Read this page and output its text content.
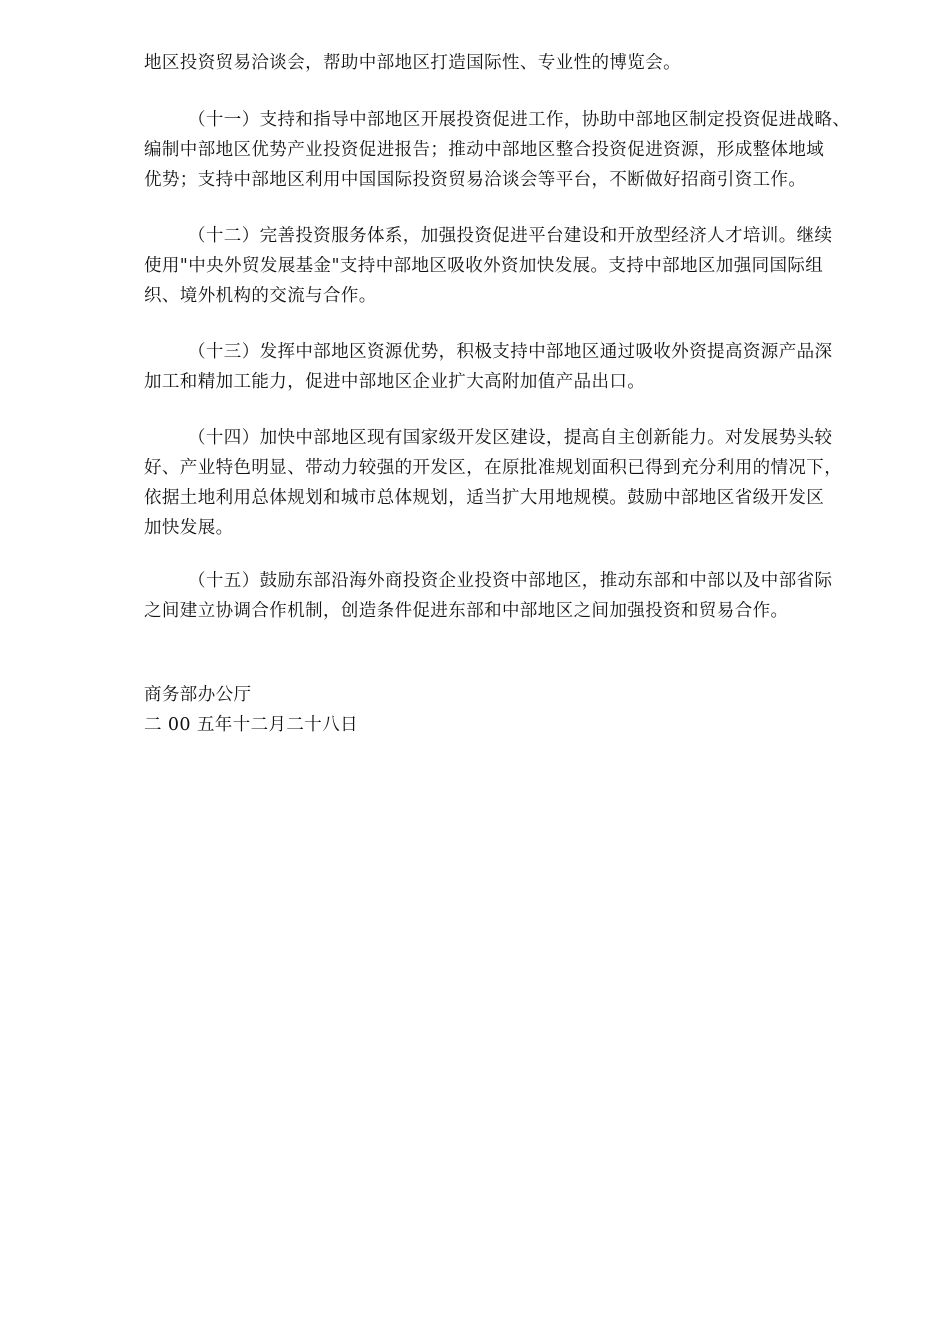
地区投资贸易洽谈会，帮助中部地区打造国际性、专业性的博览会。
（十一）支持和指导中部地区开展投资促进工作，协助中部地区制定投资促进战略、
编制中部地区优势产业投资促进报告；推动中部地区整合投资促进资源，形成整体地域
优势；支持中部地区利用中国国际投资贸易洽谈会等平台，不断做好招商引资工作。
（十二）完善投资服务体系，加强投资促进平台建设和开放型经济人才培训。继续
使用"中央外贸发展基金"支持中部地区吸收外资加快发展。支持中部地区加强同国际组
织、境外机构的交流与合作。
（十三）发挥中部地区资源优势，积极支持中部地区通过吸收外资提高资源产品深
加工和精加工能力，促进中部地区企业扩大高附加值产品出口。
（十四）加快中部地区现有国家级开发区建设，提高自主创新能力。对发展势头较
好、产业特色明显、带动力较强的开发区，在原批准规划面积已得到充分利用的情况下，
依据土地利用总体规划和城市总体规划，适当扩大用地规模。鼓励中部地区省级开发区
加快发展。
（十五）鼓励东部沿海外商投资企业投资中部地区，推动东部和中部以及中部省际
之间建立协调合作机制，创造条件促进东部和中部地区之间加强投资和贸易合作。
商务部办公厅
二 00 五年十二月二十八日
